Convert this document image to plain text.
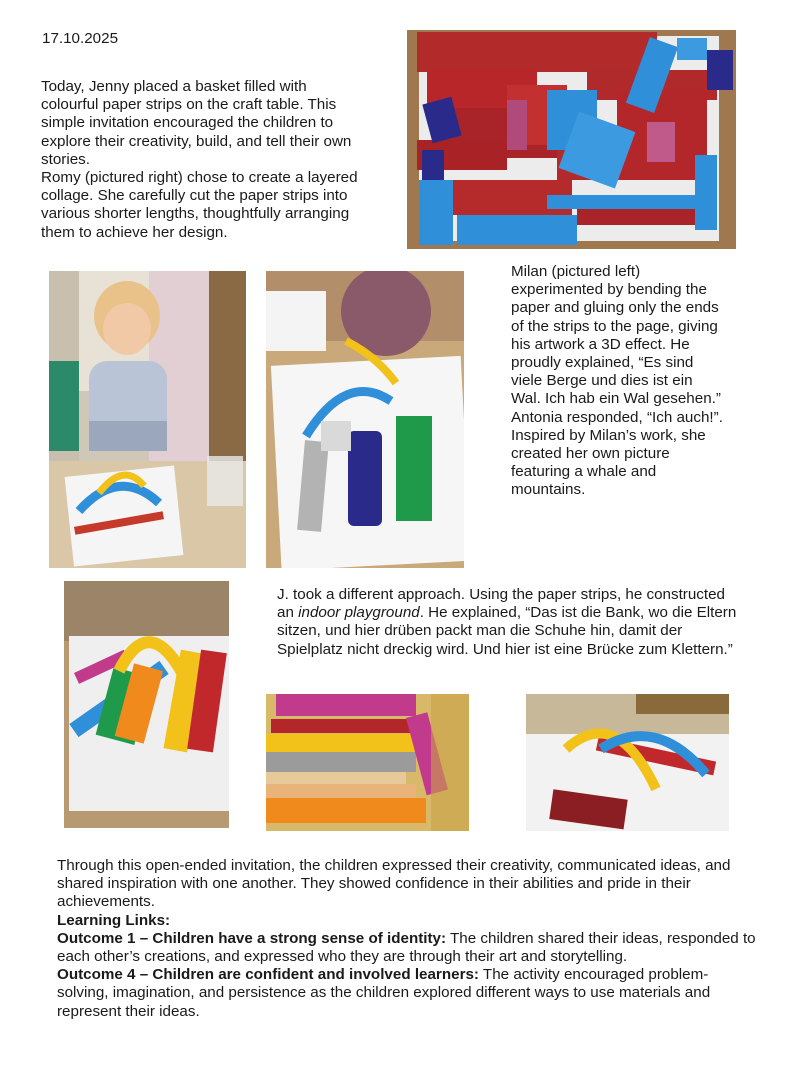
17.10.2025

Today, Jenny placed a basket filled with colourful paper strips on the craft table. This simple invitation encouraged the children to explore their creativity, build, and tell their own stories.

Romy (pictured right) chose to create a layered collage. She carefully cut the paper strips into various shorter lengths, thoughtfully arranging them to achieve her design.

Milan (pictured left) experimented by bending the paper and gluing only the ends of the strips to the page, giving his artwork a 3D effect. He proudly explained, “Es sind viele Berge und dies ist ein Wal. Ich hab ein Wal gesehen.” Antonia responded, “Ich auch!”. Inspired by Milan’s work, she created her own picture featuring a whale and mountains.
J. took a different approach. Using the paper strips, he constructed an indoor playground. He explained, “Das ist die Bank, wo die Eltern sitzen, und hier drüben packt man die Schuhe hin, damit der Spielplatz nicht dreckig wird. Und hier ist eine Brücke zum Klettern.”

Through this open-ended invitation, the children expressed their creativity, communicated ideas, and shared inspiration with one another. They showed confidence in their abilities and pride in their achievements.

Learning Links:

Outcome 1 – Children have a strong sense of identity: The children shared their ideas, responded to each other’s creations, and expressed who they are through their art and storytelling.

Outcome 4 – Children are confident and involved learners: The activity encouraged problem-solving, imagination, and persistence as the children explored different ways to use materials and represent their ideas.
